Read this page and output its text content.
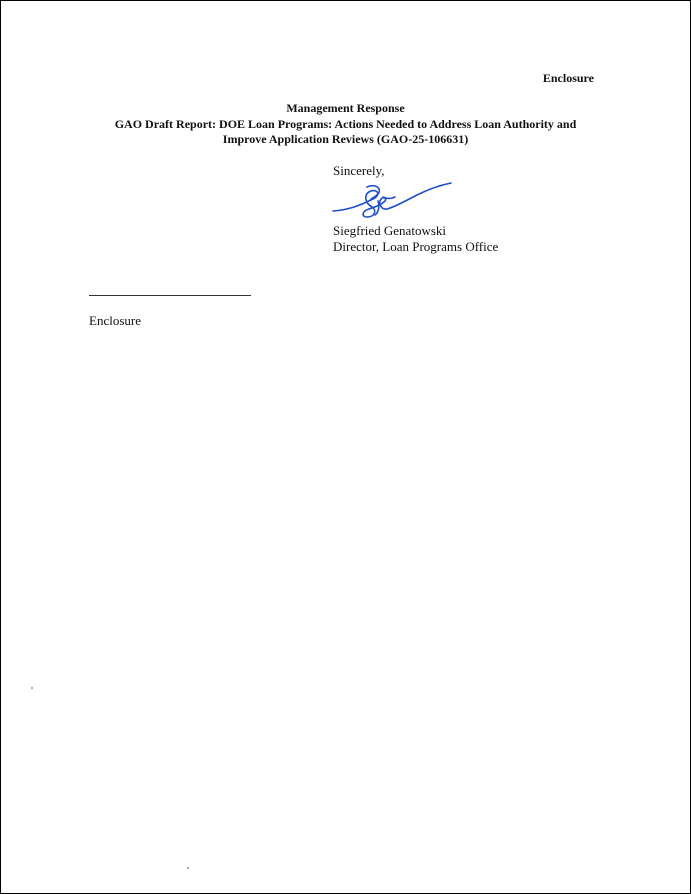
Enclosure
Management Response
GAO Draft Report: DOE Loan Programs: Actions Needed to Address Loan Authority and
Improve Application Reviews (GAO-25-106631)
Sincerely,
Siegfried Genatowski
Director, Loan Programs Office
Enclosure
